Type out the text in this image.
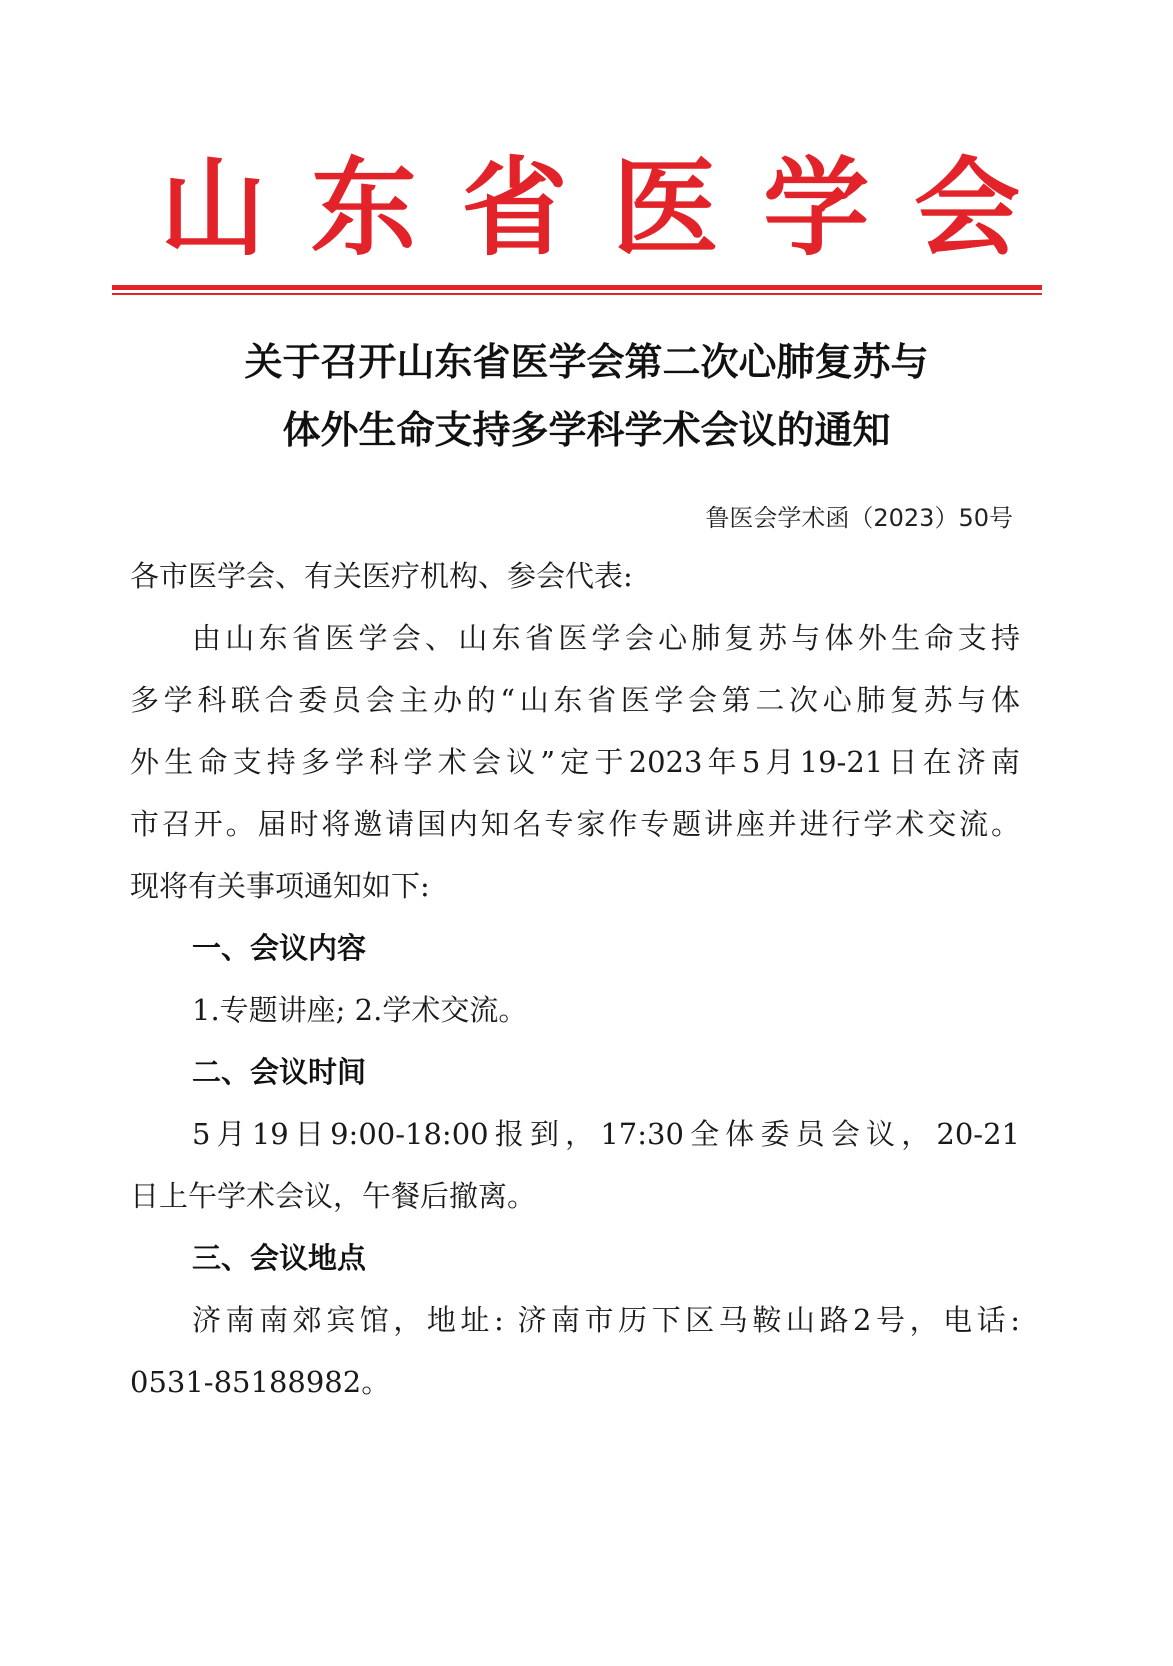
山 东 省 医 学 会
关于召开山东省医学会第二次心肺复苏与
体外生命支持多学科学术会议的通知
鲁医会学术函（2023）50号
各市医学会、有关医疗机构、参会代表:
由山东省医学会、山东省医学会心肺复苏与体外生命支持
多学科联合委员会主办的“山东省医学会第二次心肺复苏与体
外生命支持多学科学术会议”定于2023年5月19-21日在济南
市召开。届时将邀请国内知名专家作专题讲座并进行学术交流。
现将有关事项通知如下:
一、会议内容
1.专题讲座; 2.学术交流。
二、会议时间
5月19日9:00-18:00报到，17:30全体委员会议，20-21
日上午学术会议，午餐后撤离。
三、会议地点
济南南郊宾馆，地址: 济南市历下区马鞍山路2号，电话:
0531-85188982。
